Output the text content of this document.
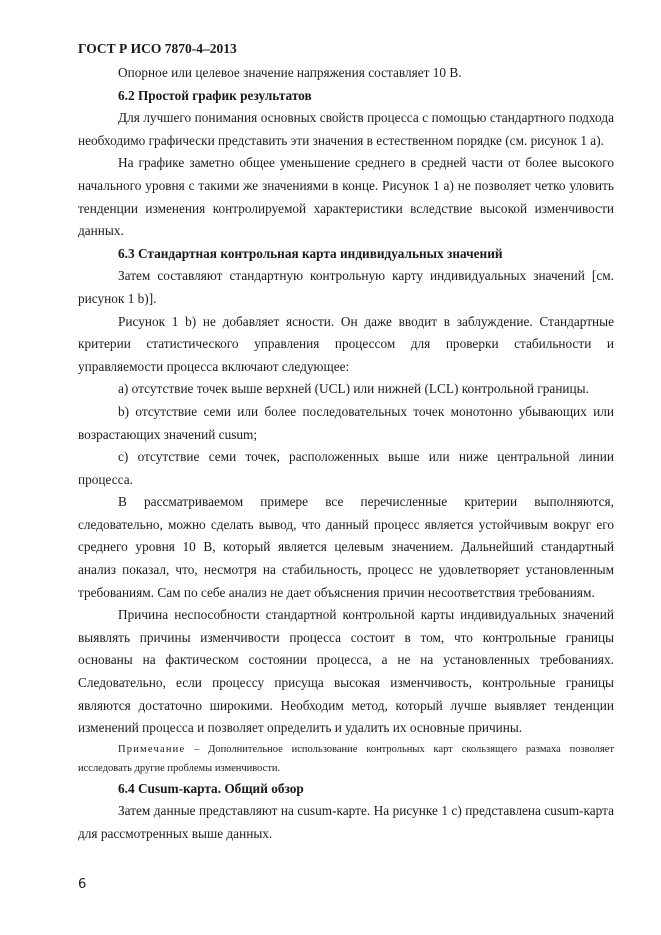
ГОСТ Р ИСО 7870-4–2013

Опорное или целевое значение напряжения составляет 10 В.

6.2 Простой график результатов

Для лучшего понимания основных свойств процесса с помощью стандартного подхода необходимо графически представить эти значения в естественном порядке (см. рисунок 1 а).

На графике заметно общее уменьшение среднего в средней части от более высокого начального уровня с такими же значениями в конце. Рисунок 1 а) не позволяет четко уловить тенденции изменения контролируемой характеристики вследствие высокой изменчивости данных.

6.3 Стандартная контрольная карта индивидуальных значений

Затем составляют стандартную контрольную карту индивидуальных значений [см. рисунок 1 b)].

Рисунок 1 b) не добавляет ясности. Он даже вводит в заблуждение. Стандартные критерии статистического управления процессом для проверки стабильности и управляемости процесса включают следующее:

a) отсутствие точек выше верхней (UCL) или нижней (LCL) контрольной границы.

b) отсутствие семи или более последовательных точек монотонно убывающих или возрастающих значений cusum;

c) отсутствие семи точек, расположенных выше или ниже центральной линии процесса.

В рассматриваемом примере все перечисленные критерии выполняются, следовательно, можно сделать вывод, что данный процесс является устойчивым вокруг его среднего уровня 10 В, который является целевым значением. Дальнейший стандартный анализ показал, что, несмотря на стабильность, процесс не удовлетворяет установленным требованиям. Сам по себе анализ не дает объяснения причин несоответствия требованиям.

Причина неспособности стандартной контрольной карты индивидуальных значений выявлять причины изменчивости процесса состоит в том, что контрольные границы основаны на фактическом состоянии процесса, а не на установленных требованиях. Следовательно, если процессу присуща высокая изменчивость, контрольные границы являются достаточно широкими. Необходим метод, который лучше выявляет тенденции изменений процесса и позволяет определить и удалить их основные причины.

Примечание – Дополнительное использование контрольных карт скользящего размаха позволяет исследовать другие проблемы изменчивости.

6.4 Cusum-карта. Общий обзор

Затем данные представляют на cusum-карте. На рисунке 1 с) представлена cusum-карта для рассмотренных выше данных.

6
